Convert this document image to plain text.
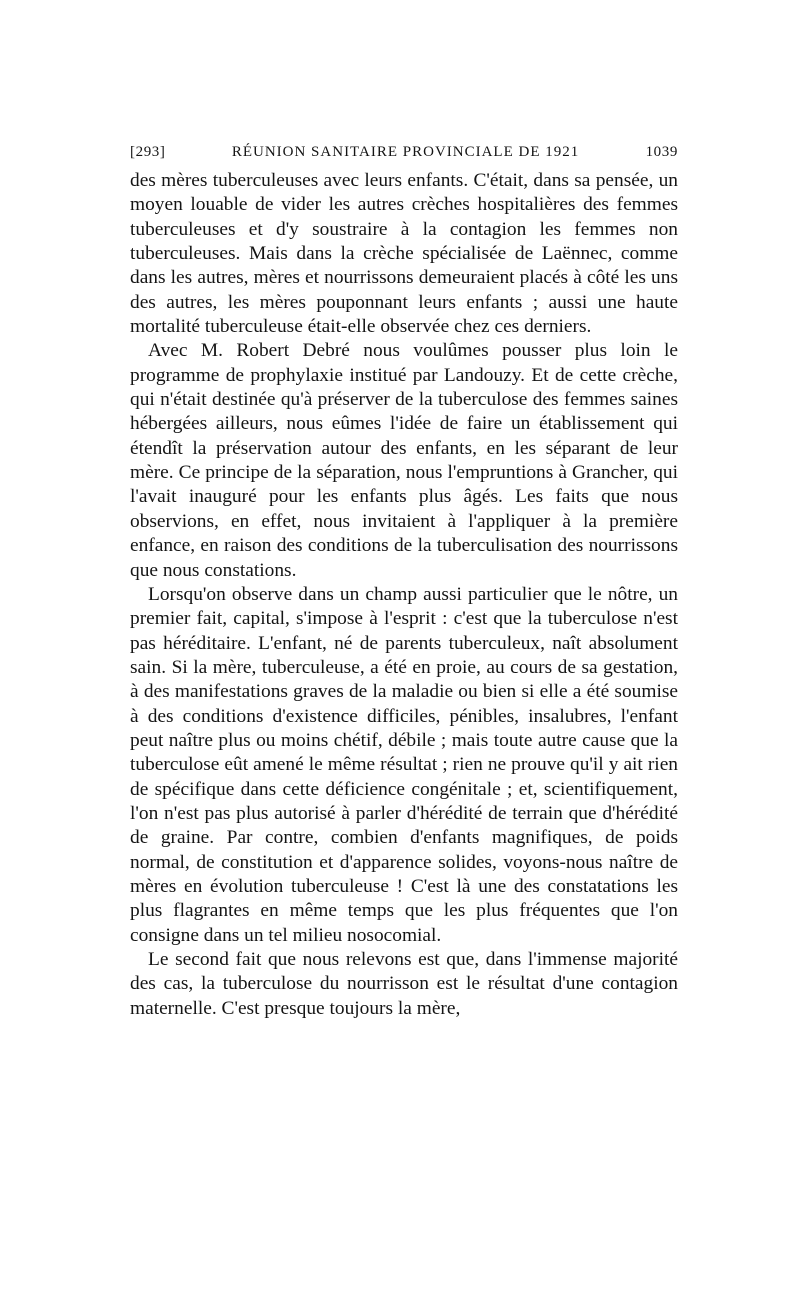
[293]	RÉUNION SANITAIRE PROVINCIALE DE 1921	1039

des mères tuberculeuses avec leurs enfants. C'était, dans sa pensée, un moyen louable de vider les autres crèches hospitalières des femmes tuberculeuses et d'y soustraire à la contagion les femmes non tuberculeuses. Mais dans la crèche spécialisée de Laënnec, comme dans les autres, mères et nourrissons demeuraient placés à côté les uns des autres, les mères pouponnant leurs enfants ; aussi une haute mortalité tuberculeuse était-elle observée chez ces derniers.

Avec M. Robert Debré nous voulûmes pousser plus loin le programme de prophylaxie institué par Landouzy. Et de cette crèche, qui n'était destinée qu'à préserver de la tuberculose des femmes saines hébergées ailleurs, nous eûmes l'idée de faire un établissement qui étendît la préservation autour des enfants, en les séparant de leur mère. Ce principe de la séparation, nous l'empruntions à Grancher, qui l'avait inauguré pour les enfants plus âgés. Les faits que nous observions, en effet, nous invitaient à l'appliquer à la première enfance, en raison des conditions de la tuberculisation des nourrissons que nous constations.

Lorsqu'on observe dans un champ aussi particulier que le nôtre, un premier fait, capital, s'impose à l'esprit : c'est que la tuberculose n'est pas héréditaire. L'enfant, né de parents tuberculeux, naît absolument sain. Si la mère, tuberculeuse, a été en proie, au cours de sa gestation, à des manifestations graves de la maladie ou bien si elle a été soumise à des conditions d'existence difficiles, pénibles, insalubres, l'enfant peut naître plus ou moins chétif, débile ; mais toute autre cause que la tuberculose eût amené le même résultat ; rien ne prouve qu'il y ait rien de spécifique dans cette déficience congénitale ; et, scientifiquement, l'on n'est pas plus autorisé à parler d'hérédité de terrain que d'hérédité de graine. Par contre, combien d'enfants magnifiques, de poids normal, de constitution et d'apparence solides, voyons-nous naître de mères en évolution tuberculeuse ! C'est là une des constatations les plus flagrantes en même temps que les plus fréquentes que l'on consigne dans un tel milieu nosocomial.

Le second fait que nous relevons est que, dans l'immense majorité des cas, la tuberculose du nourrisson est le résultat d'une contagion maternelle. C'est presque toujours la mère,
